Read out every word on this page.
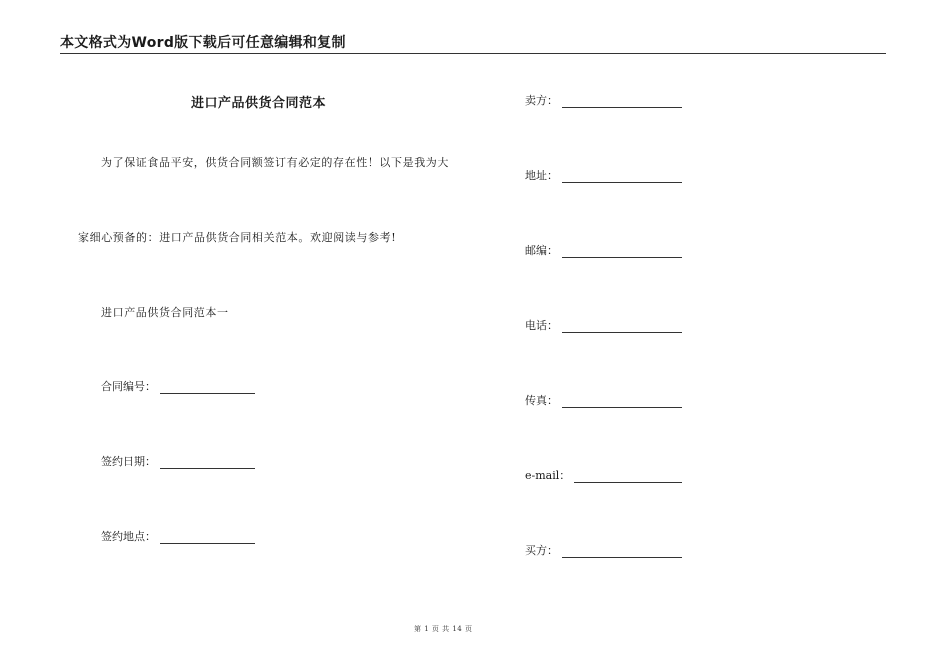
本文格式为Word版下载后可任意编辑和复制
进口产品供货合同范本
为了保证食品平安，供货合同额签订有必定的存在性！以下是我为大
家细心预备的：进口产品供货合同相关范本。欢迎阅读与参考!
进口产品供货合同范本一
合同编号：
签约日期：
签约地点：
卖方：
地址：
邮编：
电话：
传真：
e-mail：
买方：
第 1 页 共 14 页
